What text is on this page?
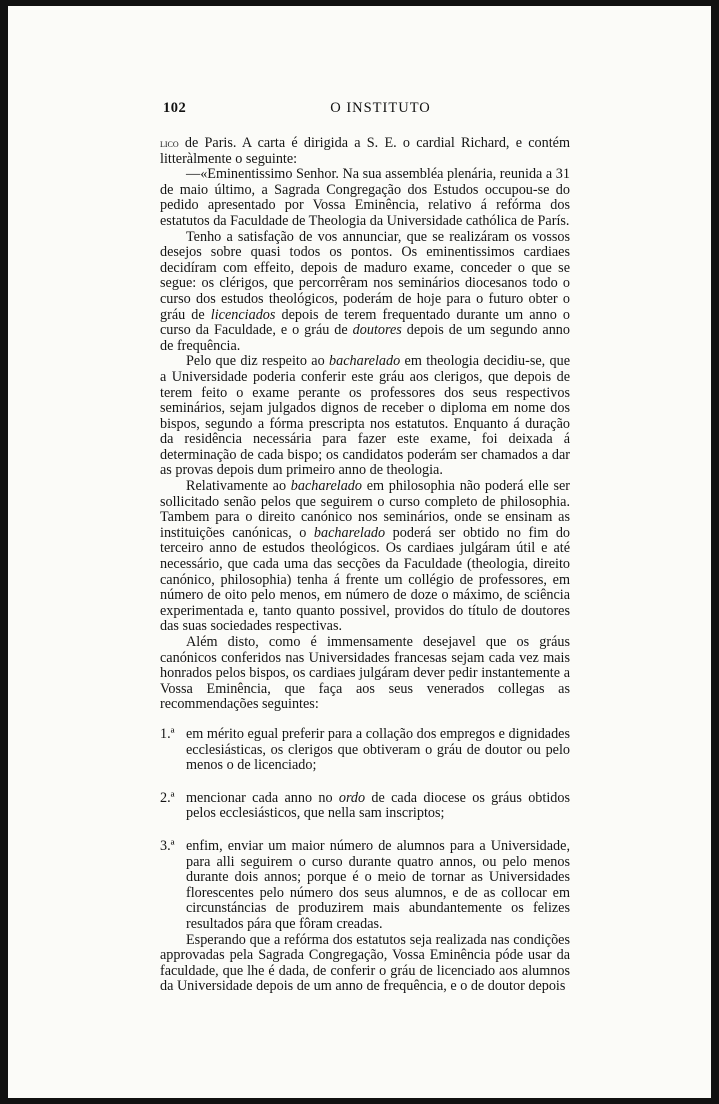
102	O INSTITUTO

lico de Paris. A carta é dirigida a S. E. o cardial Richard, e contém litteràlmente o seguinte:

—«Eminentissimo Senhor. Na sua assembléa plenária, reunida a 31 de maio último, a Sagrada Congregação dos Estudos occupou-se do pedido apresentado por Vossa Eminência, relativo á refórma dos estatutos da Faculdade de Theologia da Universidade cathólica de París.

Tenho a satisfação de vos annunciar, que se realizáram os vossos desejos sobre quasi todos os pontos. Os eminentissimos cardiaes decidíram com effeito, depois de maduro exame, conceder o que se segue: os clérigos, que percorrêram nos seminários diocesanos todo o curso dos estudos theológicos, poderám de hoje para o futuro obter o gráu de licenciados depois de terem frequentado durante um anno o curso da Faculdade, e o gráu de doutores depois de um segundo anno de frequência.

Pelo que diz respeito ao bacharelado em theologia decidiu-se, que a Universidade poderia conferir este gráu aos clerigos, que depois de terem feito o exame perante os professores dos seus respectivos seminários, sejam julgados dignos de receber o diploma em nome dos bispos, segundo a fórma prescripta nos estatutos. Enquanto á duração da residência necessária para fazer este exame, foi deixada á determinação de cada bispo; os candidatos poderám ser chamados a dar as provas depois dum primeiro anno de theologia.

Relativamente ao bacharelado em philosophia não poderá elle ser sollicitado senão pelos que seguirem o curso completo de philosophia. Tambem para o direito canónico nos seminários, onde se ensinam as instituições canónicas, o bacharelado poderá ser obtido no fim do terceiro anno de estudos theológicos. Os cardiaes julgáram útil e até necessário, que cada uma das secções da Faculdade (theologia, direito canónico, philosophia) tenha á frente um collégio de professores, em número de oito pelo menos, em número de doze o máximo, de sciência experimentada e, tanto quanto possivel, providos do título de doutores das suas sociedades respectivas.

Além disto, como é immensamente desejavel que os gráus canónicos conferidos nas Universidades francesas sejam cada vez mais honrados pelos bispos, os cardiaes julgáram dever pedir instantemente a Vossa Eminência, que faça aos seus venerados collegas as recommendações seguintes:

1.ª em mérito egual preferir para a collação dos empregos e dignidades ecclesiásticas, os clerigos que obtiveram o gráu de doutor ou pelo menos o de licenciado;
2.ª mencionar cada anno no ordo de cada diocese os gráus obtidos pelos ecclesiásticos, que nella sam inscriptos;
3.ª enfim, enviar um maior número de alumnos para a Universidade, para alli seguirem o curso durante quatro annos, ou pelo menos durante dois annos; porque é o meio de tornar as Universidades florescentes pelo número dos seus alumnos, e de as collocar em circunstáncias de produzirem mais abundantemente os felizes resultados pára que fôram creadas.

Esperando que a refórma dos estatutos seja realizada nas condições approvadas pela Sagrada Congregação, Vossa Eminência póde usar da faculdade, que lhe é dada, de conferir o gráu de licenciado aos alumnos da Universidade depois de um anno de frequência, e o de doutor depois
